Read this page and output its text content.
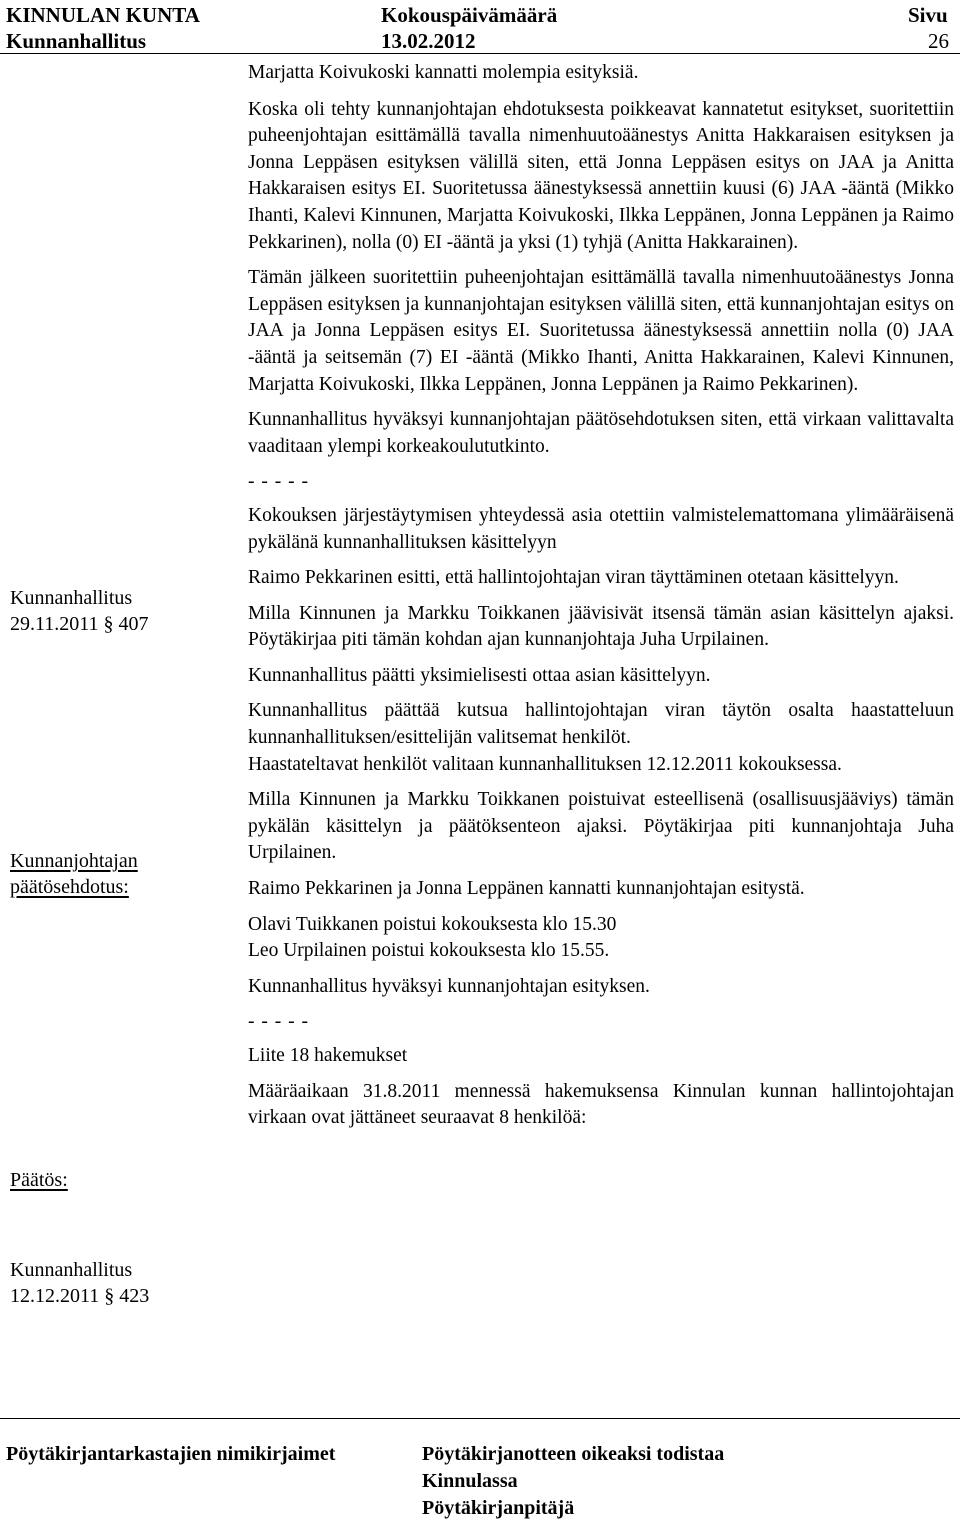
KINNULAN KUNTA
Kunnanhallitus
Kokouspäivämäärä
13.02.2012
Sivu
26
Kunnanhallitus
29.11.2011 § 407
Kunnanjohtajan päätösehdotus:
Päätös:
Kunnanhallitus
12.12.2011 § 423

Marjatta Koivukoski kannatti molempia esityksiä.

Koska oli tehty kunnanjohtajan ehdotuksesta poikkeavat kannatetut esitykset, suoritettiin puheenjohtajan esittämällä tavalla nimenhuutoäänestys Anitta Hakkaraisen esityksen ja Jonna Leppäsen esityksen välillä siten, että Jonna Leppäsen esitys on JAA ja Anitta Hakkaraisen esitys EI. Suoritetussa äänestyksessä annettiin kuusi (6) JAA -ääntä (Mikko Ihanti, Kalevi Kinnunen, Marjatta Koivukoski, Ilkka Leppänen, Jonna Leppänen ja Raimo Pekkarinen), nolla (0) EI -ääntä ja yksi (1) tyhjä (Anitta Hakkarainen).

Tämän jälkeen suoritettiin puheenjohtajan esittämällä tavalla nimenhuutoäänestys Jonna Leppäsen esityksen ja kunnanjohtajan esityksen välillä siten, että kunnanjohtajan esitys on JAA ja Jonna Leppäsen esitys EI. Suoritetussa äänestyksessä annettiin nolla (0) JAA -ääntä ja seitsemän (7) EI -ääntä (Mikko Ihanti, Anitta Hakkarainen, Kalevi Kinnunen, Marjatta Koivukoski, Ilkka Leppänen, Jonna Leppänen ja Raimo Pekkarinen).

Kunnanhallitus hyväksyi kunnanjohtajan päätösehdotuksen siten, että virkaan valittavalta vaaditaan ylempi korkeakoulututkinto.

- - - - -

Kokouksen järjestäytymisen yhteydessä asia otettiin valmistelemattomana ylimääräisenä pykälänä kunnanhallituksen käsittelyyn

Raimo Pekkarinen esitti, että hallintojohtajan viran täyttäminen otetaan käsittelyyn.

Milla Kinnunen ja Markku Toikkanen jäävisivät itsensä tämän asian käsittelyn ajaksi. Pöytäkirjaa piti tämän kohdan ajan kunnanjohtaja Juha Urpilainen.

Kunnanhallitus päätti yksimielisesti ottaa asian käsittelyyn.

Kunnanhallitus päättää kutsua hallintojohtajan viran täytön osalta haastatteluun kunnanhallituksen/esittelijän valitsemat henkilöt.

Haastateltavat henkilöt valitaan kunnanhallituksen 12.12.2011 kokouksessa.

Milla Kinnunen ja Markku Toikkanen poistuivat esteellisenä (osallisuusjääviys) tämän pykälän käsittelyn ja päätöksenteon ajaksi. Pöytäkirjaa piti kunnanjohtaja Juha Urpilainen.

Raimo Pekkarinen ja Jonna Leppänen kannatti kunnanjohtajan esitystä.

Olavi Tuikkanen poistui kokouksesta klo 15.30

Leo Urpilainen poistui kokouksesta klo 15.55.

Kunnanhallitus hyväksyi kunnanjohtajan esityksen.

- - - - -

Liite 18 hakemukset

Määräaikaan 31.8.2011 mennessä hakemuksensa Kinnulan kunnan hallintojohtajan virkaan ovat jättäneet seuraavat 8 henkilöä:

Pöytäkirjantarkastajien nimikirjaimet	Pöytäkirjanotteen oikeaksi todistaa
Kinnulassa
Pöytäkirjanpitäjä
